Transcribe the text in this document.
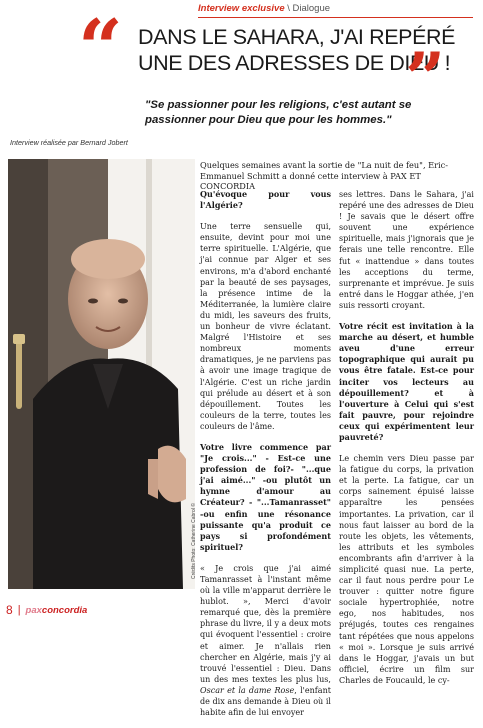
Interview exclusive \ Dialogue
“ DANS LE SAHARA, J'AI REPÉRÉ
UNE DES ADRESSES DE DIEU !
”
"Se passionner pour les religions, c'est autant se passionner pour Dieu que pour les hommes."
Interview réalisée par Bernard Jobert
Crédits Photo: Catherine Cabrol ©
Quelques semaines avant la sortie de "La nuit de feu", Eric-Emmanuel Schmitt a donné cette interview à PAX ET CONCORDIA

Qu'évoque pour vous l'Algérie?

Une terre sensuelle qui, ensuite, devint pour moi une terre spirituelle. L'Algérie, que j'ai connue par Alger et ses environs, m'a d'abord enchanté par la beauté de ses paysages, la présence intime de la Méditerranée, la lumière claire du midi, les saveurs des fruits, un bonheur de vivre éclatant. Malgré l'Histoire et ses nombreux moments dramatiques, je ne parviens pas à avoir une image tragique de l'Algérie. C'est un riche jardin qui prélude au désert et à son dépouillement. Toutes les couleurs de la terre, toutes les couleurs de l'âme.

Votre livre commence par "Je crois..." - Est-ce une profession de foi?- "...que j'ai aimé..." -ou plutôt un hymne d'amour au Créateur? - "...Tamanrasset" -ou enfin une résonance puissante qu'a produit ce pays si profondément spirituel?

« Je crois que j'ai aimé Tamanrasset à l'instant même où la ville m'apparut derrière le hublot. », Merci d'avoir remarqué que, dès la première phrase du livre, il y a deux mots qui évoquent l'essentiel : croire et aimer. Je n'allais rien chercher en Algérie, mais j'y ai trouvé l'essentiel : Dieu. Dans un des mes textes les plus lus, Oscar et la dame Rose, l'enfant de dix ans demande à Dieu où il habite afin de lui envoyer

ses lettres. Dans le Sahara, j'ai repéré une des adresses de Dieu ! Je savais que le désert offre souvent une expérience spirituelle, mais j'ignorais que je ferais une telle rencontre. Elle fut « inattendue » dans toutes les acceptions du terme, surprenante et imprévue. Je suis entré dans le Hoggar athée, j'en suis ressorti croyant.

Votre récit est invitation à la marche au désert, et humble aveu d'une erreur topographique qui aurait pu vous être fatale. Est-ce pour inciter vos lecteurs au dépouillement? et à l'ouverture à Celui qui s'est fait pauvre, pour rejoindre ceux qui expérimentent leur pauvreté?

Le chemin vers Dieu passe par la fatigue du corps, la privation et la perte. La fatigue, car un corps sainement épuisé laisse apparaître les pensées importantes. La privation, car il nous faut laisser au bord de la route les objets, les vêtements, les attributs et les symboles encombrants afin d'arriver à la simplicité quasi nue. La perte, car il faut nous perdre pour Le trouver : quitter notre figure sociale hypertrophiée, notre ego, nos habitudes, nos préjugés, toutes ces rengaines tant répétées que nous appelons « moi ». Lorsque je suis arrivé dans le Hoggar, j'avais un but officiel, écrire un film sur Charles de Foucauld, le cy-

8 | paxconcordia
